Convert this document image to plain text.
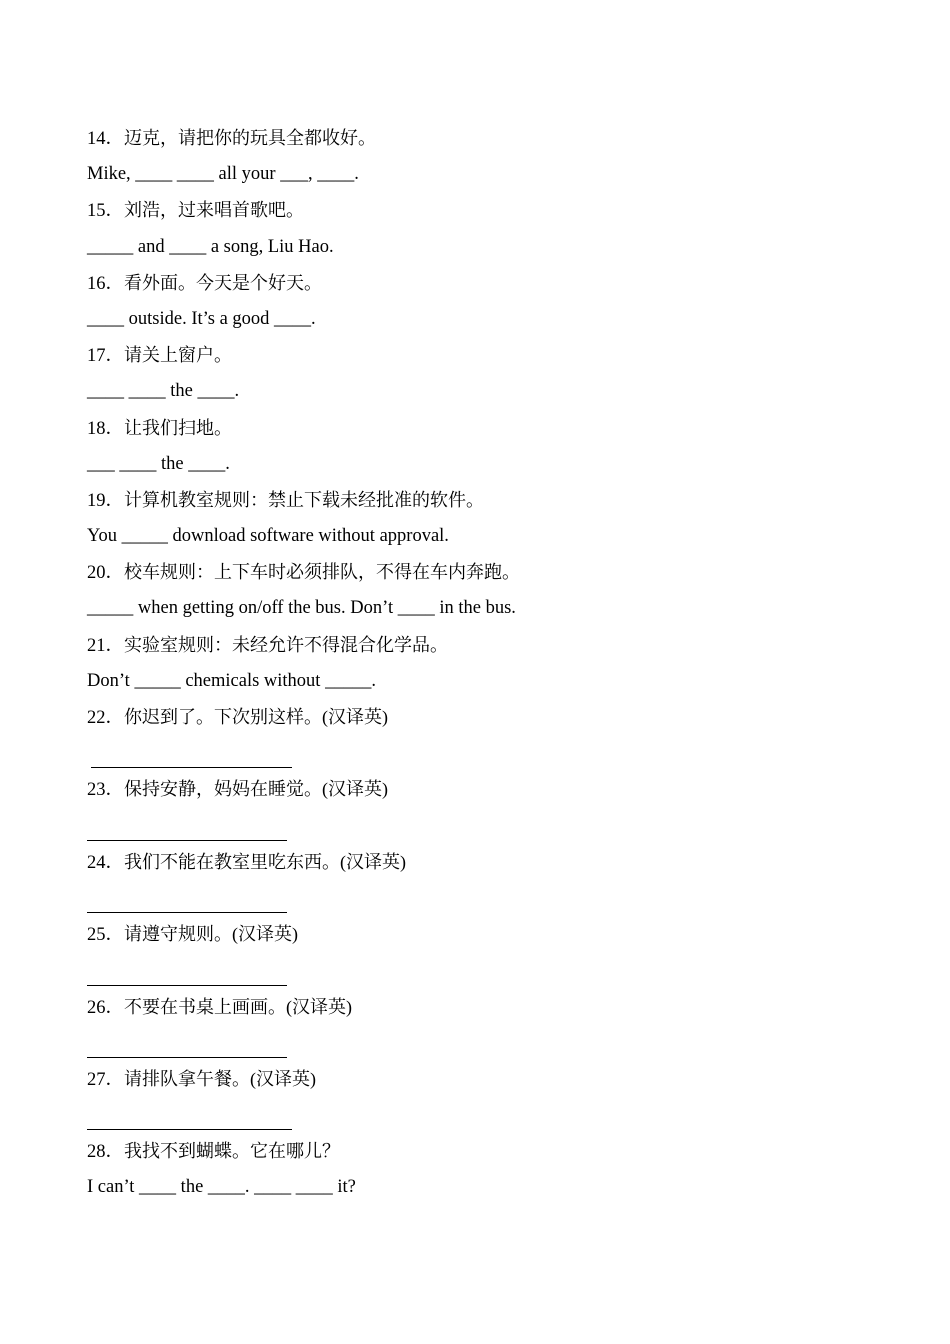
14．迈克，请把你的玩具全都收好。
Mike, ____ ____ all your ___, ____.
15．刘浩，过来唱首歌吧。
_____ and ____ a song, Liu Hao.
16．看外面。今天是个好天。
____ outside. It’s a good ____.
17．请关上窗户。
____ ____ the ____.
18．让我们扫地。
___ ____ the ____.
19．计算机教室规则：禁止下载未经批准的软件。
You _____ download software without approval.
20．校车规则：上下车时必须排队，不得在车内奔跑。
_____ when getting on/off the bus. Don’t ____ in the bus.
21．实验室规则：未经允许不得混合化学品。
Don’t _____ chemicals without _____.
22．你迟到了。下次别这样。(汉译英)
23．保持安静，妈妈在睡觉。(汉译英)
24．我们不能在教室里吃东西。(汉译英)
25．请遵守规则。(汉译英)
26．不要在书桌上画画。(汉译英)
27．请排队拿午餐。(汉译英)
28．我找不到蝴蝶。它在哪儿？
I can’t ____ the ____. ____ ____ it?
